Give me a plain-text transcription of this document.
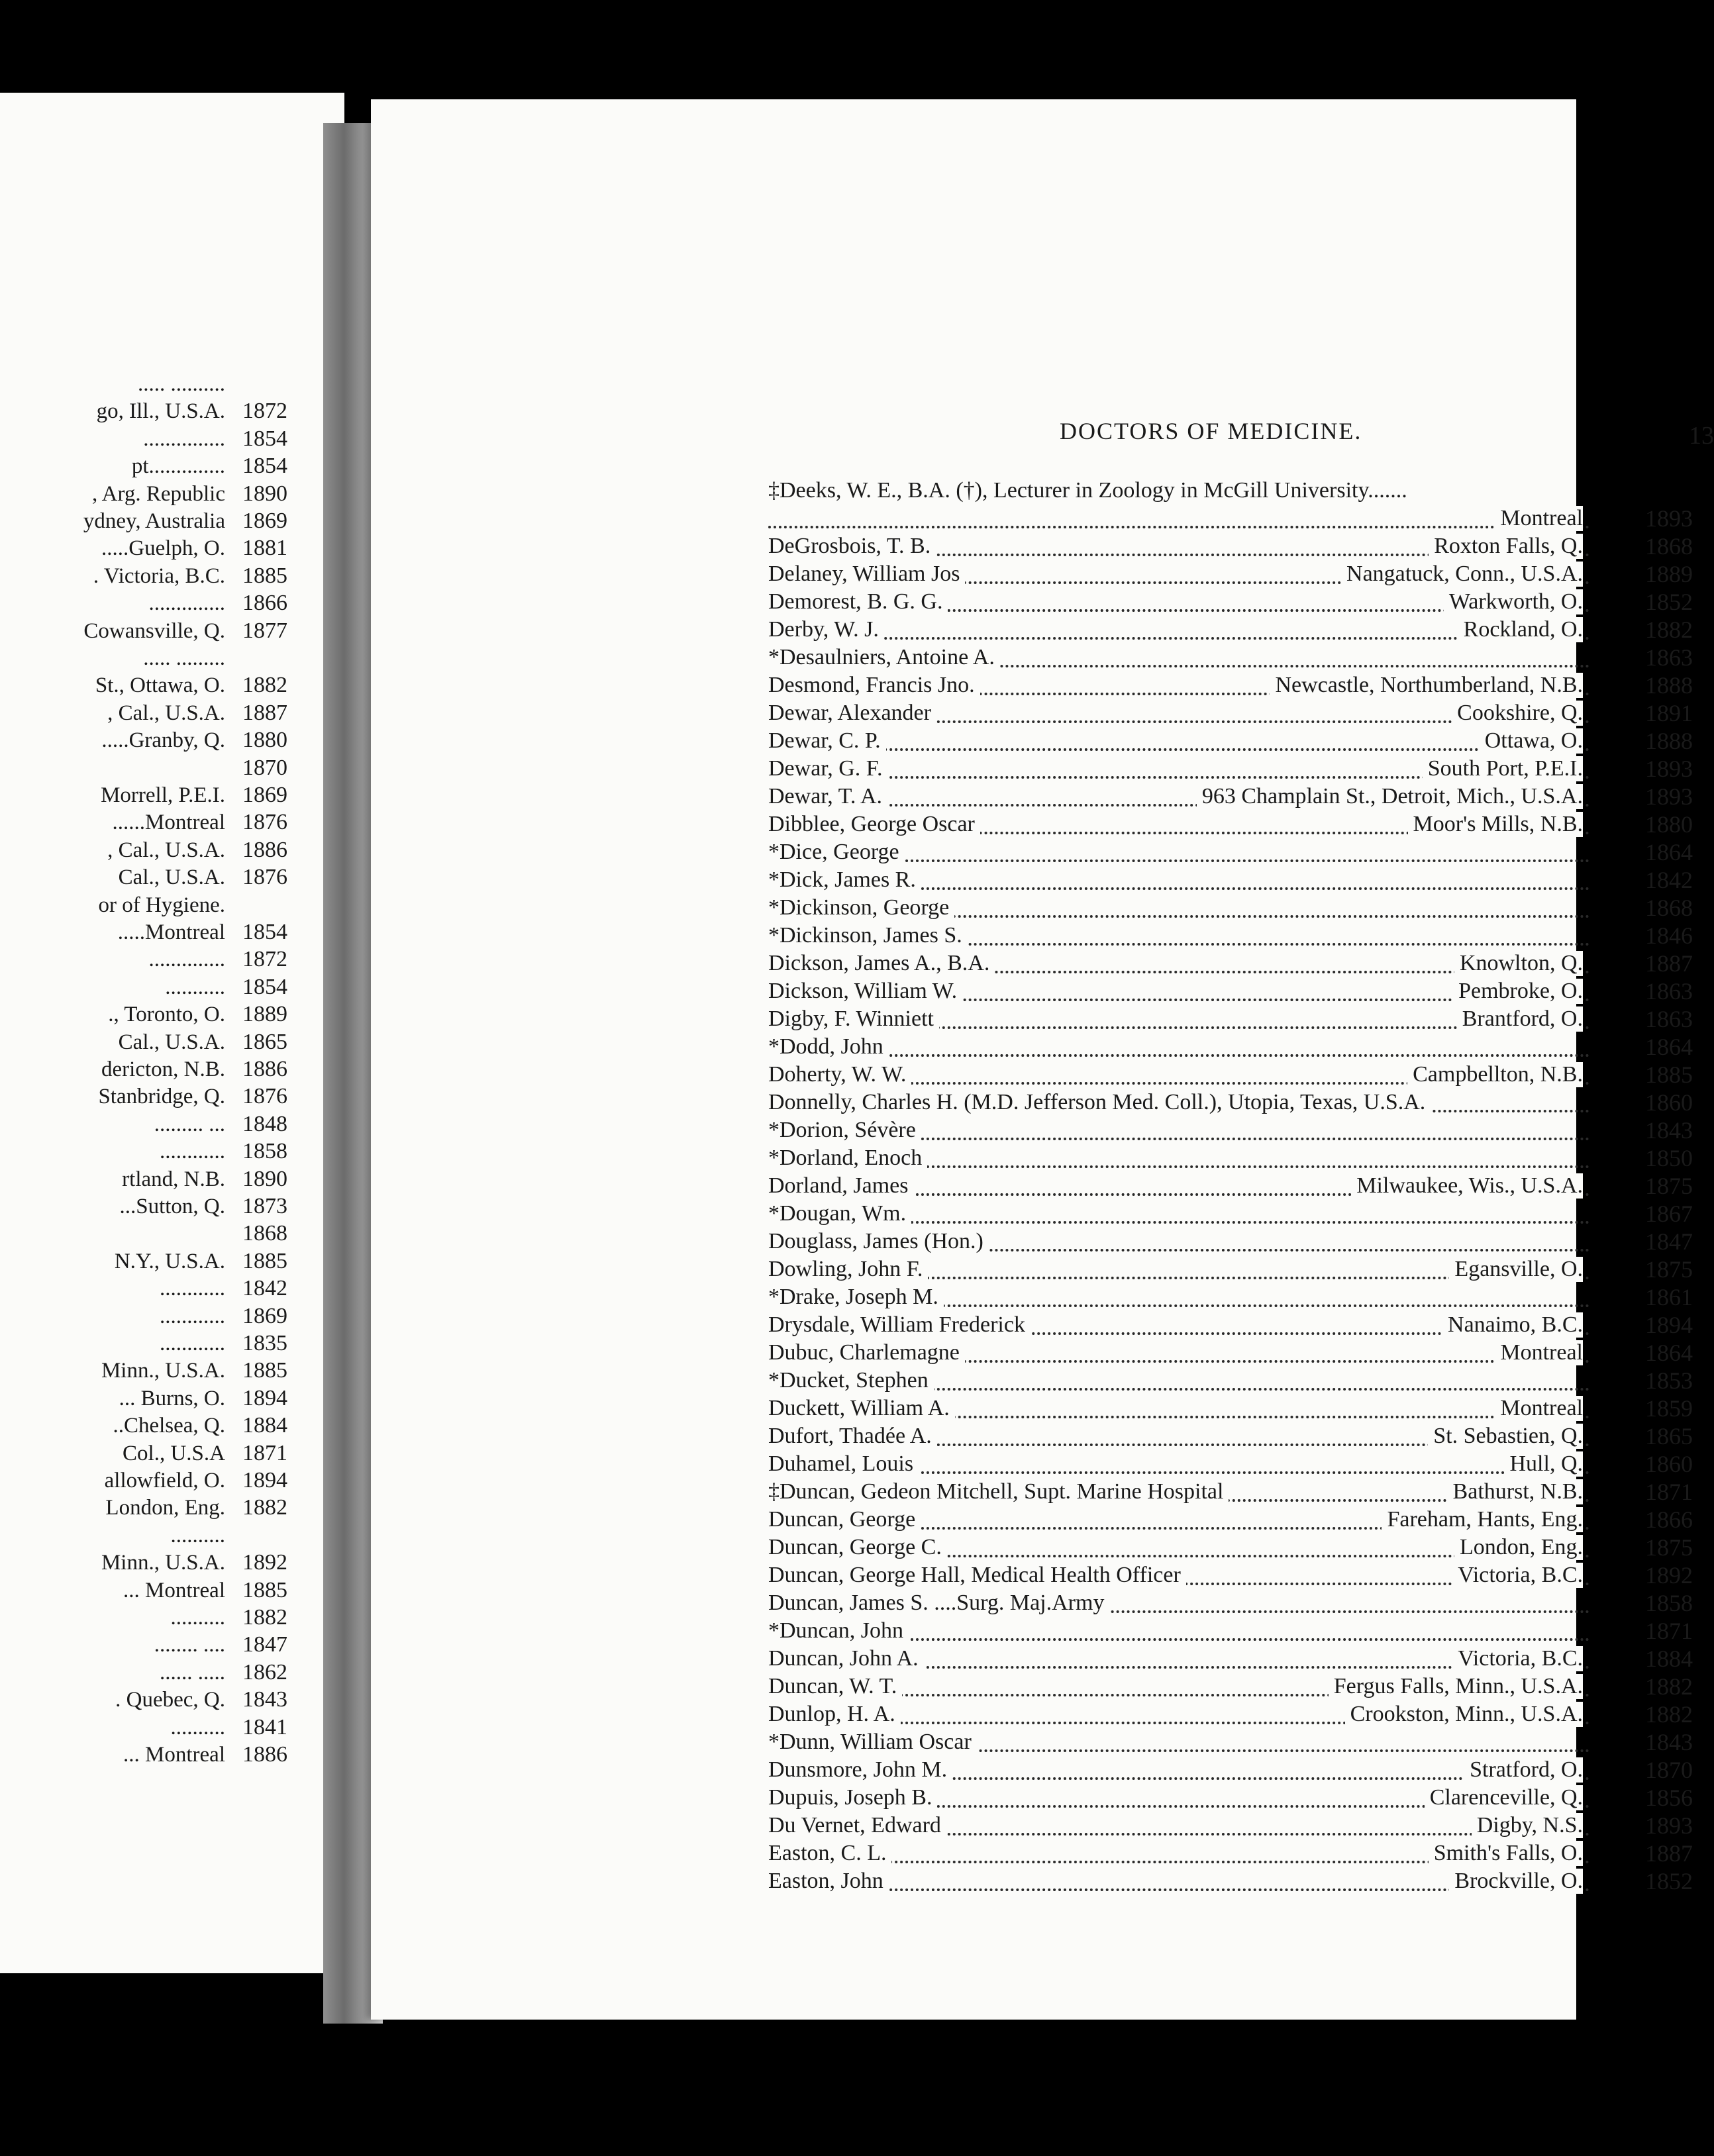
..... ..........
go, Ill., U.S.A. 1872
............... 1854
pt.............. 1854
, Arg. Republic 1890
ydney, Australia 1869
.....Guelph, O. 1881
. Victoria, B.C. 1885
.............. 1866
Cowansville, Q. 1877
..... .........
St., Ottawa, O. 1882
, Cal., U.S.A. 1887
.....Granby, Q. 1880
1870
Morrell, P.E.I. 1869
......Montreal 1876
, Cal., U.S.A. 1886
Cal., U.S.A. 1876
or of Hygiene.
.....Montreal 1854
.............. 1872
........... 1854
., Toronto, O. 1889
Cal., U.S.A. 1865
dericton, N.B. 1886
Stanbridge, Q. 1876
......... ... 1848
............ 1858
rtland, N.B. 1890
...Sutton, Q. 1873
1868
N.Y., U.S.A. 1885
............ 1842
............ 1869
............ 1835
Minn., U.S.A. 1885
... Burns, O. 1894
..Chelsea, Q. 1884
Col., U.S.A 1871
allowfield, O. 1894
London, Eng. 1882
..........
Minn., U.S.A. 1892
... Montreal 1885
.......... 1882
........ .... 1847
...... ..... 1862
. Quebec, Q. 1843
.......... 1841
... Montreal 1886
DOCTORS OF MEDICINE.	13
‡Deeks, W. E., B.A. (†), Lecturer in Zoology in McGill University.......
Montreal	1893
DeGrosbois, T. B.	Roxton Falls, Q.	1868
Delaney, William Jos	Nangatuck, Conn., U.S.A.	1889
Demorest, B. G. G.	Warkworth, O.	1852
Derby, W. J.	Rockland, O.	1882
*Desaulniers, Antoine A.	1863
Desmond, Francis Jno.	Newcastle, Northumberland, N.B.	1888
Dewar, Alexander	Cookshire, Q.	1891
Dewar, C. P.	Ottawa, O.	1888
Dewar, G. F.	South Port, P.E.I.	1893
Dewar, T. A.	963 Champlain St., Detroit, Mich., U.S.A.	1893
Dibblee, George Oscar	Moor's Mills, N.B.	1880
*Dice, George	1864
*Dick, James R.	1842
*Dickinson, George	1868
*Dickinson, James S.	1846
Dickson, James A., B.A.	Knowlton, Q.	1887
Dickson, William W.	Pembroke, O.	1863
Digby, F. Winniett	Brantford, O.	1863
*Dodd, John	1864
Doherty, W. W.	Campbellton, N.B.	1885
Donnelly, Charles H. (M.D. Jefferson Med. Coll.), Utopia, Texas, U.S.A.	1860
*Dorion, Sévère	1843
*Dorland, Enoch	1850
Dorland, James	Milwaukee, Wis., U.S.A.	1875
*Dougan, Wm.	1867
Douglass, James (Hon.)	1847
Dowling, John F.	Egansville, O.	1875
*Drake, Joseph M.	1861
Drysdale, William Frederick	Nanaimo, B.C.	1894
Dubuc, Charlemagne	Montreal	1864
*Ducket, Stephen	1853
Duckett, William A.	Montreal	1859
Dufort, Thadée A.	St. Sebastien, Q.	1865
Duhamel, Louis	Hull, Q.	1860
‡Duncan, Gedeon Mitchell, Supt. Marine Hospital	Bathurst, N.B.	1871
Duncan, George	Fareham, Hants, Eng.	1866
Duncan, George C.	London, Eng.	1875
Duncan, George Hall, Medical Health Officer	Victoria, B.C.	1892
Duncan, James S. ....Surg. Maj.Army	1858
*Duncan, John	1871
Duncan, John A.	Victoria, B.C.	1884
Duncan, W. T.	Fergus Falls, Minn., U.S.A.	1882
Dunlop, H. A.	Crookston, Minn., U.S.A.	1882
*Dunn, William Oscar	1843
Dunsmore, John M.	Stratford, O.	1870
Dupuis, Joseph B.	Clarenceville, Q.	1856
Du Vernet, Edward	Digby, N.S.	1893
Easton, C. L.	Smith's Falls, O.	1887
Easton, John	Brockville, O.	1852
